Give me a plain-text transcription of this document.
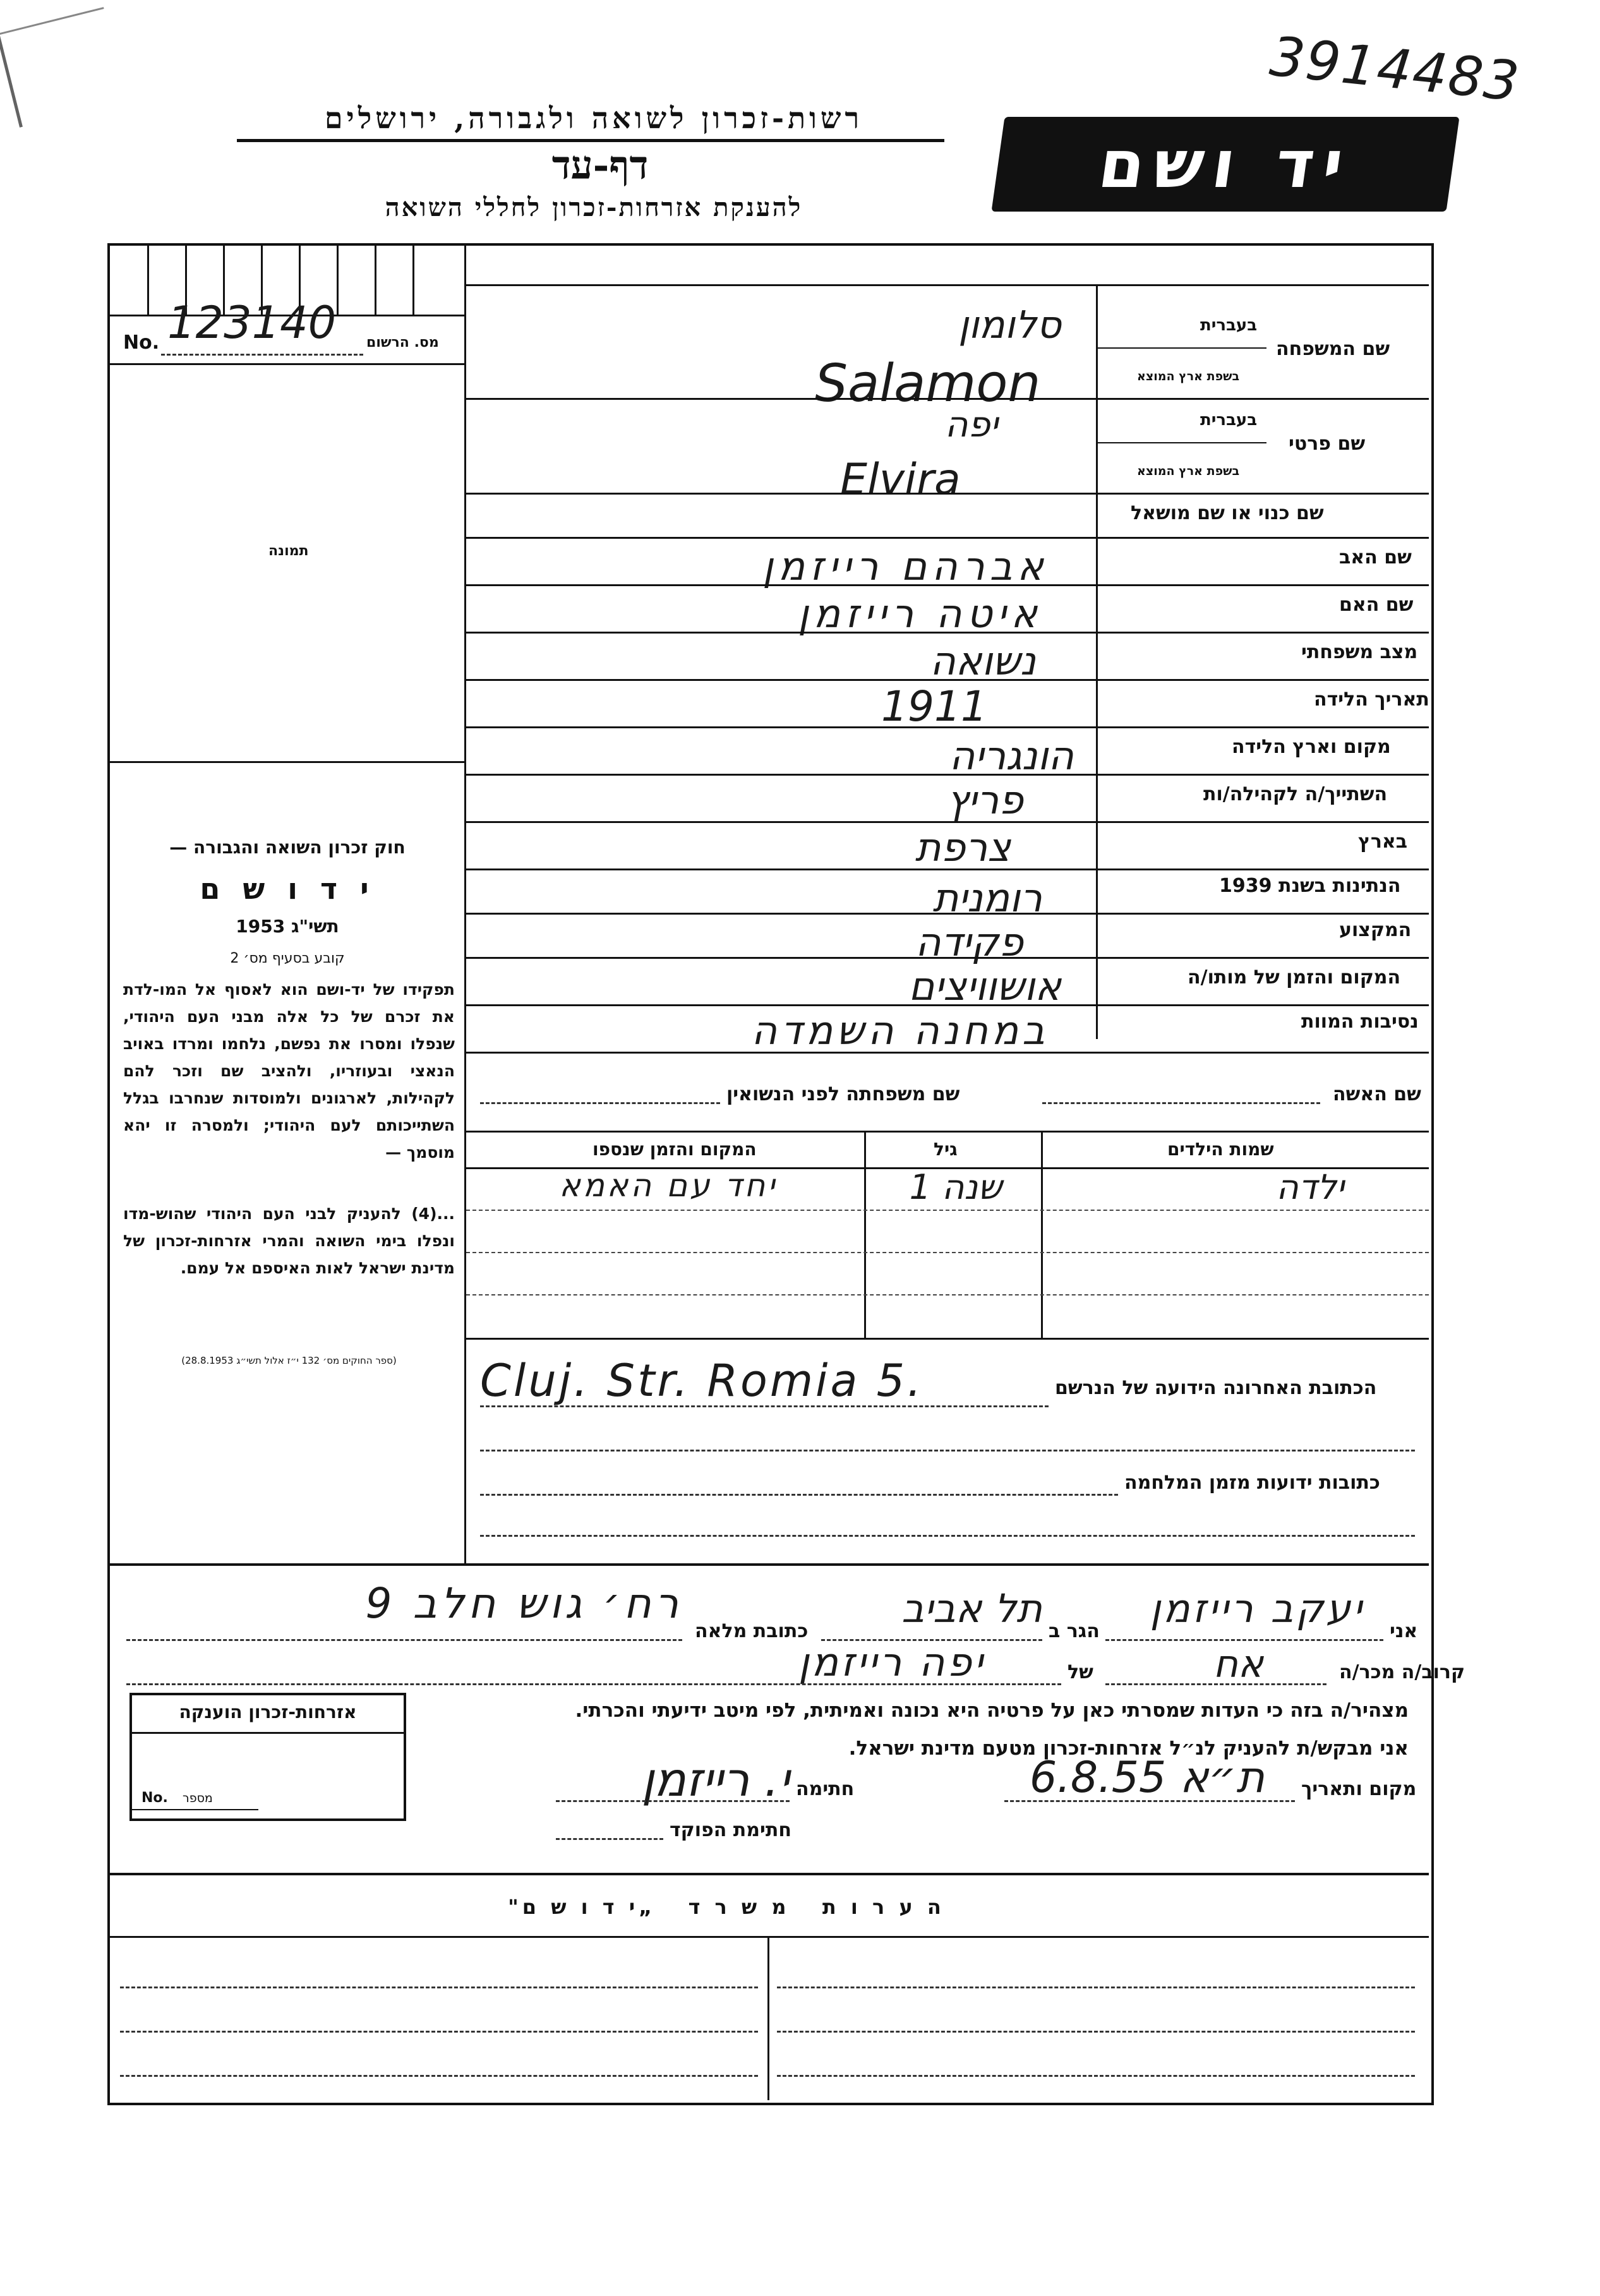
רשות-זכרון לשואה ולגבורה, ירושלים
דף-עד
להענקת אזרחות-זכרון לחללי השואה
יד ושם
3914483
No. 123140 מס. הרשום
תמונה
חוק זכרון השואה והגבורה —
י ד ו ש ם
תשי"ג 1953
קובע בסעיף מס׳ 2
תפקידו של יד-ושם הוא לאסוף אל המו-לדת את זכרם של כל אלה מבני העם היהודי, שנפלו ומסרו את נפשם, נלחמו ומרדו באויב הנאצי ובעוזריו, ולהציב שם וזכר להם לקהילות, לארגונים ולמוסדות שנחרבו בגלל השתייכותם לעם היהודי; ולמסרה זו יהא מוסמך —
...(4) להעניק לבני העם היהודי שהוש-מדו ונפלו בימי השואה והמרי אזרחות-זכרון של מדינת ישראל לאות האיספם אל עמם.
(ספר החוקים מס׳ 132 י״ז אלול תשי״ג 28.8.1953)
בעברית
בשפת ארץ המוצא
שם המשפחה
סלומון
Salamon
בעברית
בשפת ארץ המוצא
שם פרטי
יפה
Elvira
שם כנוי או שם מושאל
שם האב
אברהם רייזמן
שם האם
איטה רייזמן
מצב משפחתי
נשואה
תאריך הלידה
1911
מקום וארץ הלידה
הונגריה
השתייך/ה לקהילה/ות
פריץ
בארץ
צרפת
הנתינות בשנת 1939
רומנית
המקצוע
פקידה
המקום והזמן של מותו/ה
אושוויצים
נסיבות המוות
במחנה השמדה
שם האשה
שם משפחתה לפני הנשואין
שמות הילדים
גיל
המקום והזמן שנספו
ילדה
שנה 1
יחד עם האמא
הכתובת האחרונה הידועה של הנרשם
Cluj. Str. Romia 5.
כתובות ידועות מזמן המלחמה
אני
יעקב רייזמן
הגר ב
תל אביב
כתובת מלאה
רח׳ גוש חלב 9
קרוב/ה מכר/ה
אח
של
יפה רייזמן
מצהיר/ה בזה כי העדות שמסרתי כאן על פרטיה היא נכונה ואמיתית, לפי מיטב ידיעתי והכרתי.
אני מבקש/ת להעניק לנ״ל אזרחות-זכרון מטעם מדינת ישראל.
מקום ותאריך
6.8.55 ת״א
חתימה
י. רייזמן
חתימת הפוקד
אזרחות-זכרון הוענקה
No. מספר
ה ע ר ו ת   מ ש ר ד   „י ד ו ש ם"
